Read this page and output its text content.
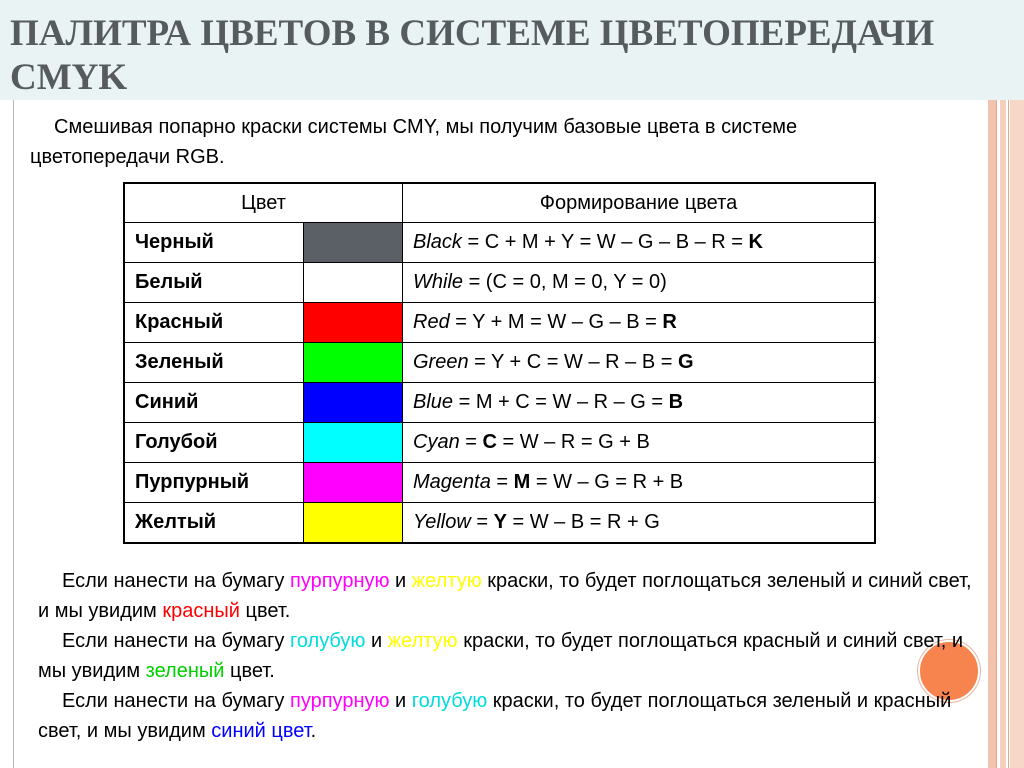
ПАЛИТРА ЦВЕТОВ В СИСТЕМЕ ЦВЕТОПЕРЕДАЧИ
CMYK

Смешивая попарно краски системы CMY, мы получим базовые цвета в системе цветопередачи RGB.

Цвет		Формирование цвета
Черный		Black = C + M + Y = W – G – B – R = K
Белый		While = (C = 0, M = 0, Y = 0)
Красный		Red = Y + M = W – G – B = R
Зеленый		Green = Y + C = W – R – B = G
Синий		Blue = M + C = W – R – G = B
Голубой		Cyan = C = W – R = G + B
Пурпурный		Magenta = M = W – G = R + B
Желтый		Yellow = Y = W – B = R + G

Если нанести на бумагу пурпурную и желтую краски, то будет поглощаться зеленый и синий свет, и мы увидим красный цвет.

Если нанести на бумагу голубую и желтую краски, то будет поглощаться красный и синий свет, и мы увидим зеленый цвет.

Если нанести на бумагу пурпурную и голубую краски, то будет поглощаться зеленый и красный свет, и мы увидим синий цвет.
